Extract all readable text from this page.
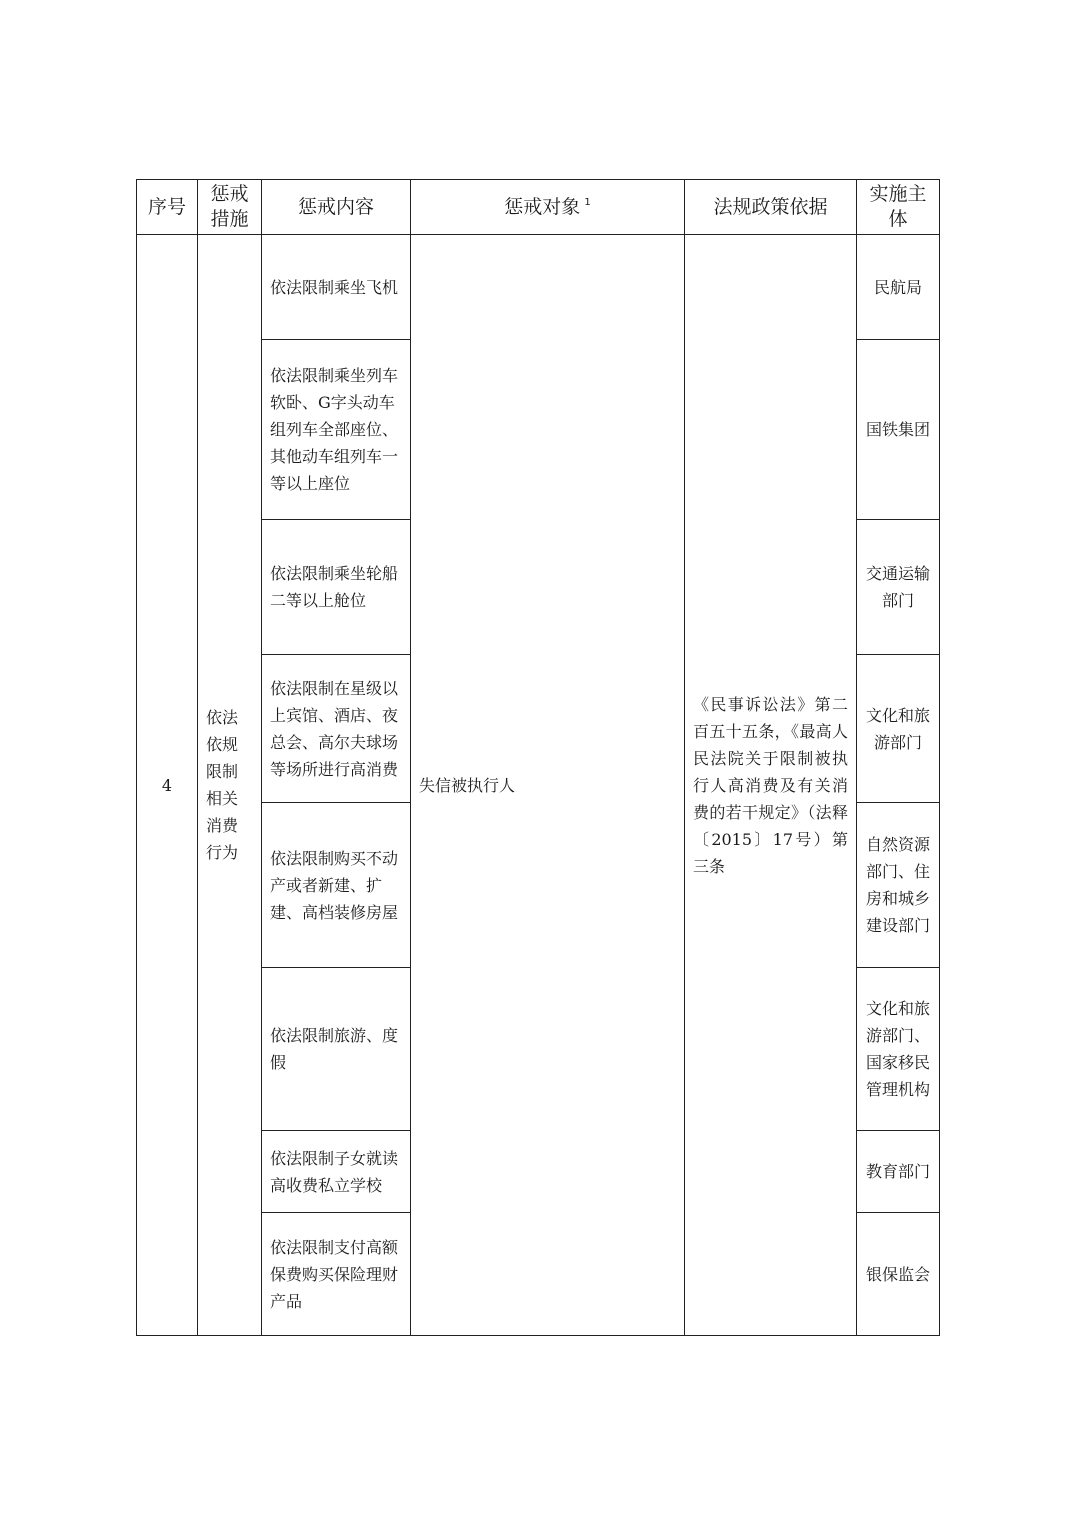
序号	惩戒措施	惩戒内容	惩戒对象 $^1$	法规政策依据	实施主体
4	依法依规限制相关消费行为	依法限制乘坐飞机	失信被执行人	《民事诉讼法》第二百五十五条，《最高人民法院关于限制被执行人高消费及有关消费的若干规定》（法释〔2015〕17号）第三条	民航局
		依法限制乘坐列车软卧、G字头动车组列车全部座位、其他动车组列车一等以上座位			国铁集团
		依法限制乘坐轮船二等以上舱位			交通运输部门
		依法限制在星级以上宾馆、酒店、夜总会、高尔夫球场等场所进行高消费			文化和旅游部门
		依法限制购买不动产或者新建、扩建、高档装修房屋			自然资源部门、住房和城乡建设部门
		依法限制旅游、度假			文化和旅游部门、国家移民管理机构
		依法限制子女就读高收费私立学校			教育部门
		依法限制支付高额保费购买保险理财产品			银保监会
